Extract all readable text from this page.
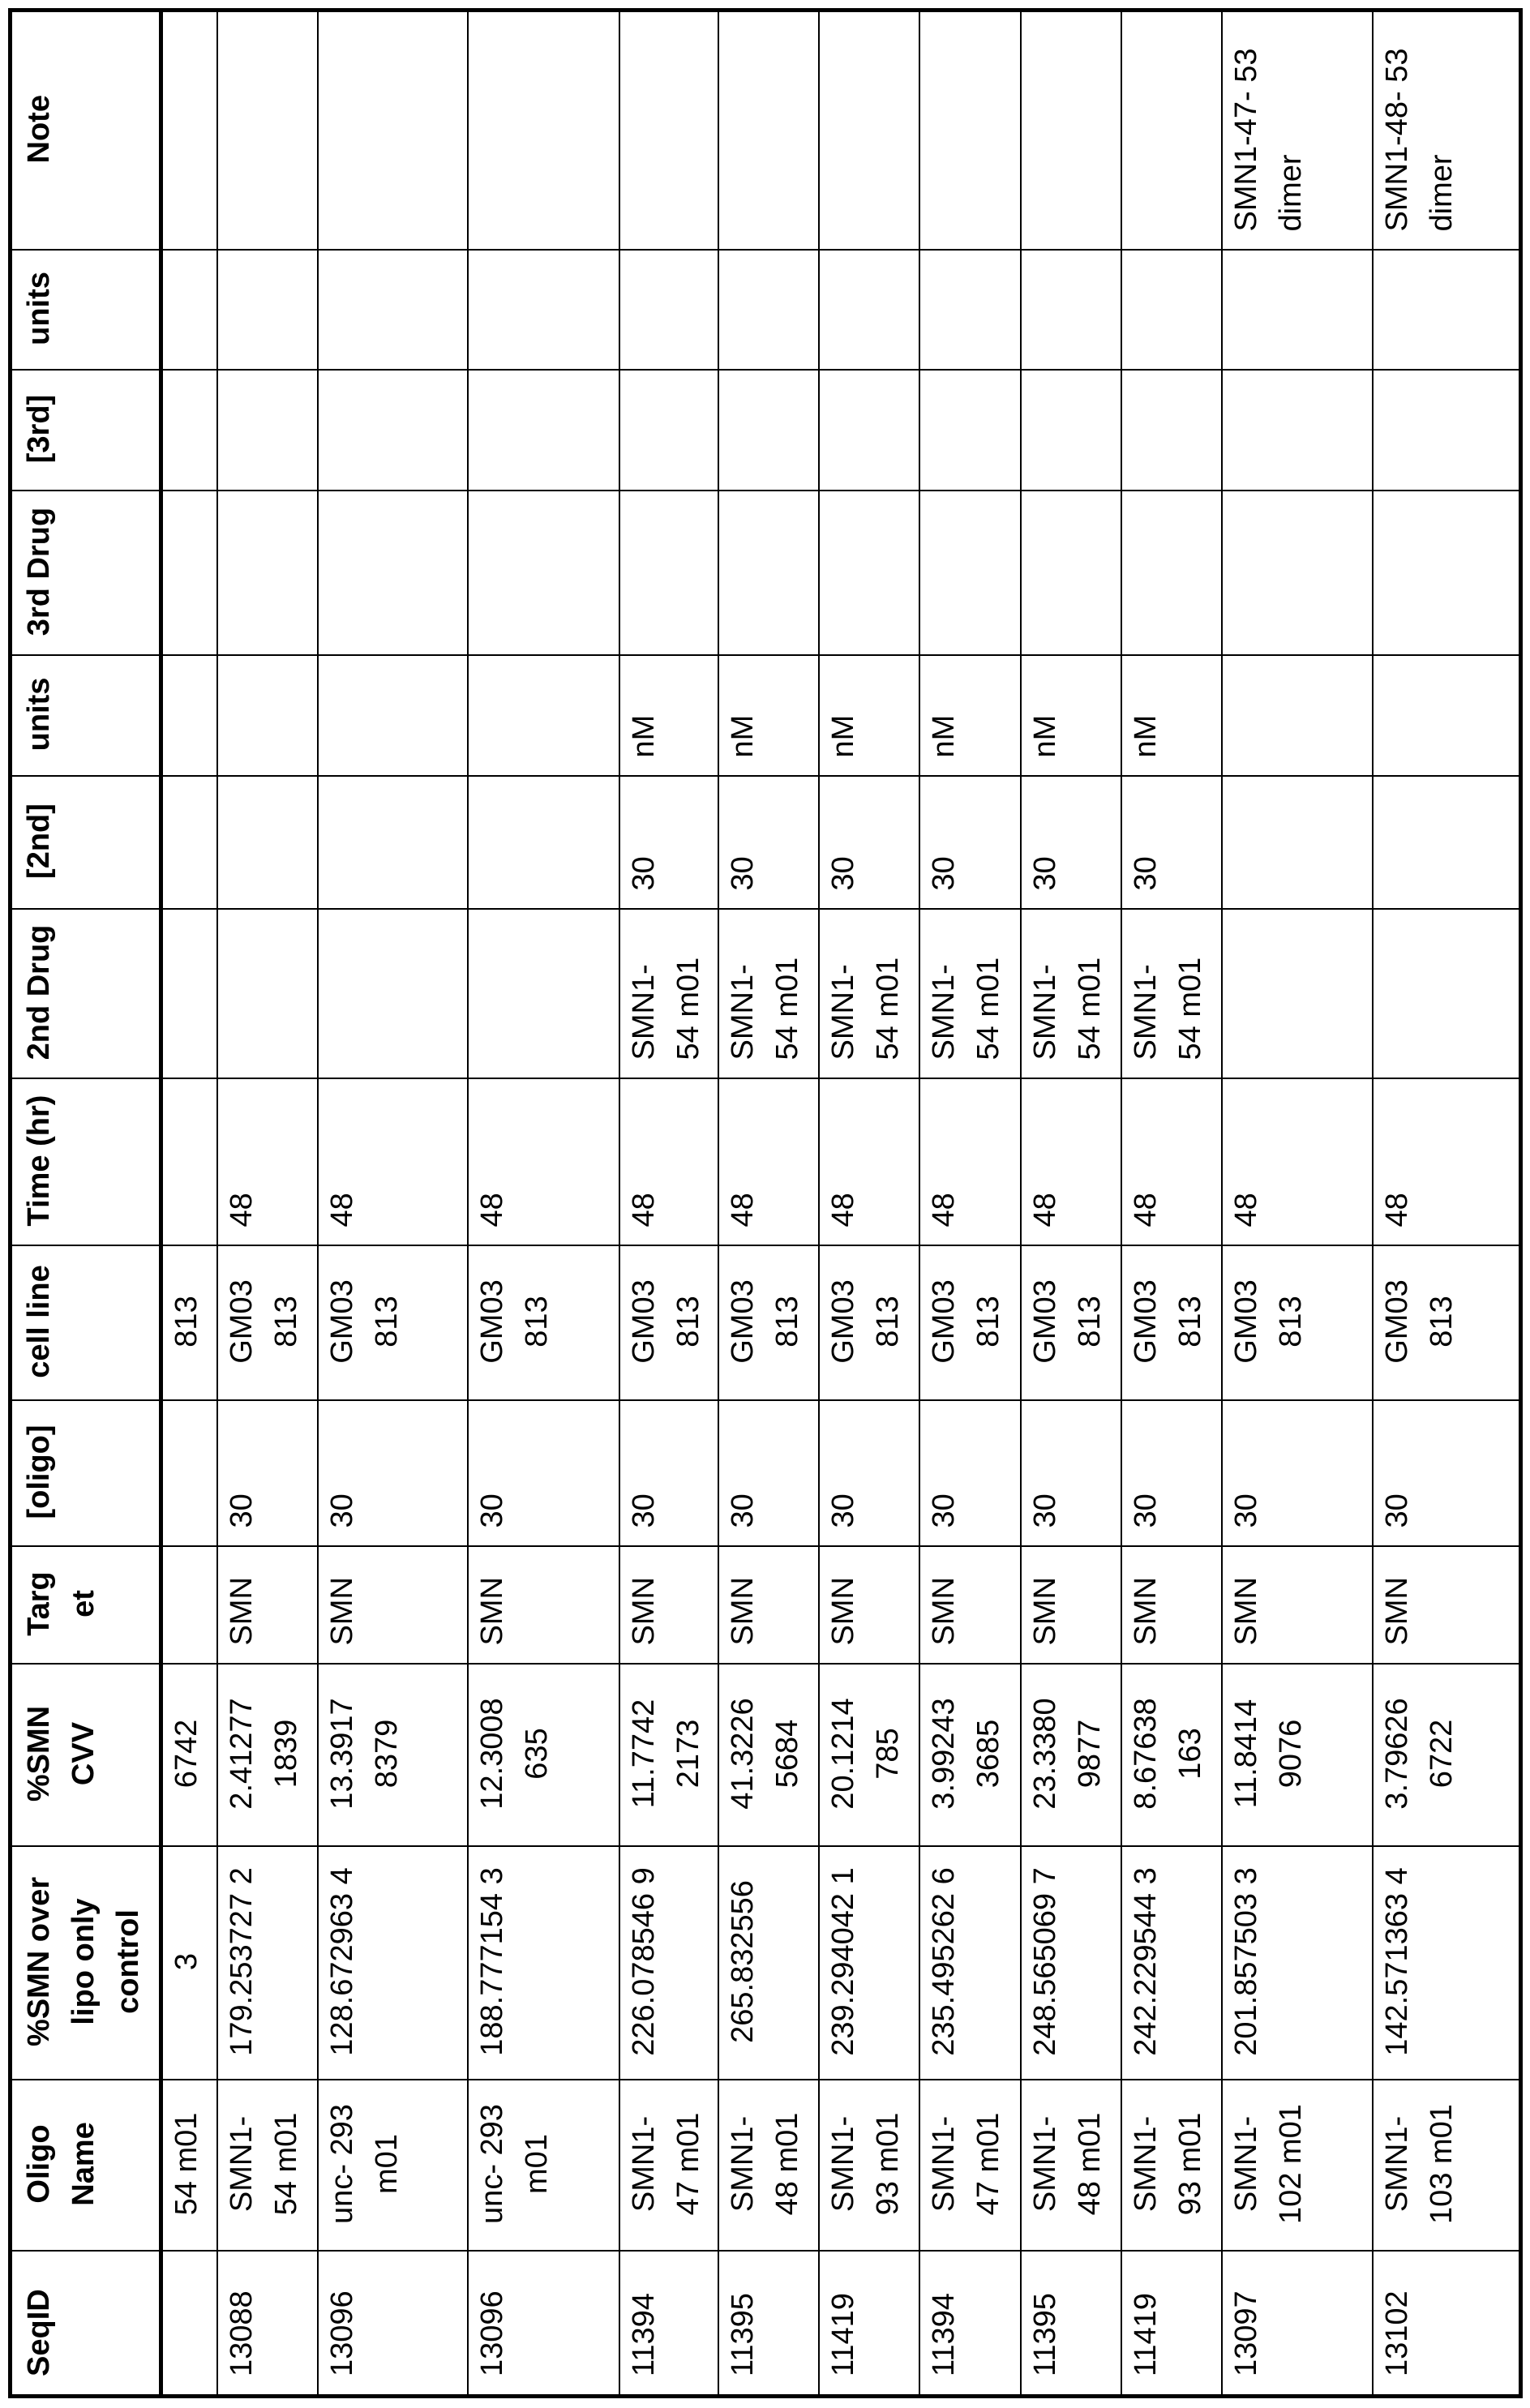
SeqID	Oligo Name	%SMN over lipo only control	%SMN CVV	Targ et	[oligo]	cell line	Time (hr)	2nd Drug	[2nd]	units	3rd Drug	[3rd]	units	Note
	54 m01	3	6742			813								
13088	SMN1- 54 m01	179.253727 2	2.41277 1839	SMN	30	GM03 813	48							
13096	unc- 293 m01	128.672963 4	13.3917 8379	SMN	30	GM03 813	48							
13096	unc- 293 m01	188.777154 3	12.3008 635	SMN	30	GM03 813	48							
11394	SMN1- 47 m01	226.078546 9	11.7742 2173	SMN	30	GM03 813	48	SMN1- 54 m01	30	nM				
11395	SMN1- 48 m01	265.832556	41.3226 5684	SMN	30	GM03 813	48	SMN1- 54 m01	30	nM				
11419	SMN1- 93 m01	239.294042 1	20.1214 785	SMN	30	GM03 813	48	SMN1- 54 m01	30	nM				
11394	SMN1- 47 m01	235.495262 6	3.99243 3685	SMN	30	GM03 813	48	SMN1- 54 m01	30	nM				
11395	SMN1- 48 m01	248.565069 7	23.3380 9877	SMN	30	GM03 813	48	SMN1- 54 m01	30	nM				
11419	SMN1- 93 m01	242.229544 3	8.67638 163	SMN	30	GM03 813	48	SMN1- 54 m01	30	nM				
13097	SMN1- 102 m01	201.857503 3	11.8414 9076	SMN	30	GM03 813	48							SMN1-47- 53 dimer
13102	SMN1- 103 m01	142.571363 4	3.79626 6722	SMN	30	GM03 813	48							SMN1-48- 53 dimer
